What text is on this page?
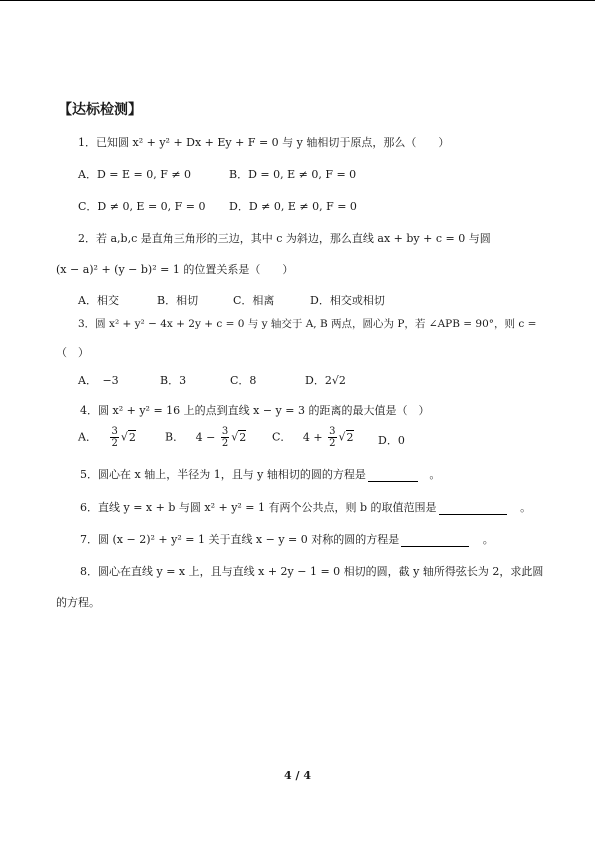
【达标检测】
1．已知圆 x² + y² + Dx + Ey + F = 0 与 y 轴相切于原点，那么（　　）
A．D = E = 0, F ≠ 0	B．D = 0, E ≠ 0, F = 0
C．D ≠ 0, E = 0, F = 0 D．D ≠ 0, E ≠ 0, F = 0
2．若 a,b,c 是直角三角形的三边，其中 c 为斜边，那么直线 ax + by + c = 0 与圆
(x − a)² + (y − b)² = 1 的位置关系是（　　）
A．相交	B．相切	C．相离	D．相交或相切
3．圆 x² + y² − 4x + 2y + c = 0 与 y 轴交于 A, B 两点，圆心为 P，若 ∠APB = 90°，则 c =
（　）
A．　−3	B．3	C．8	D．2√2
4．圆 x² + y² = 16 上的点到直线 x − y = 3 的距离的最大值是（　）
A． $\frac{3}{2} √2$	B． $4 - \frac{3}{2} √2$ C． $4 + \frac{3}{2} √2$ D．0
5．圆心在 x 轴上，半径为 1，且与 y 轴相切的圆的方程是	。
6．直线 y = x + b 与圆 x² + y² = 1 有两个公共点，则 b 的取值范围是	。
7．圆 (x − 2)² + y² = 1 关于直线 x − y = 0 对称的圆的方程是	。
8．圆心在直线 y = x 上，且与直线 x + 2y − 1 = 0 相切的圆，截 y 轴所得弦长为 2，求此圆
的方程。
4 / 4
